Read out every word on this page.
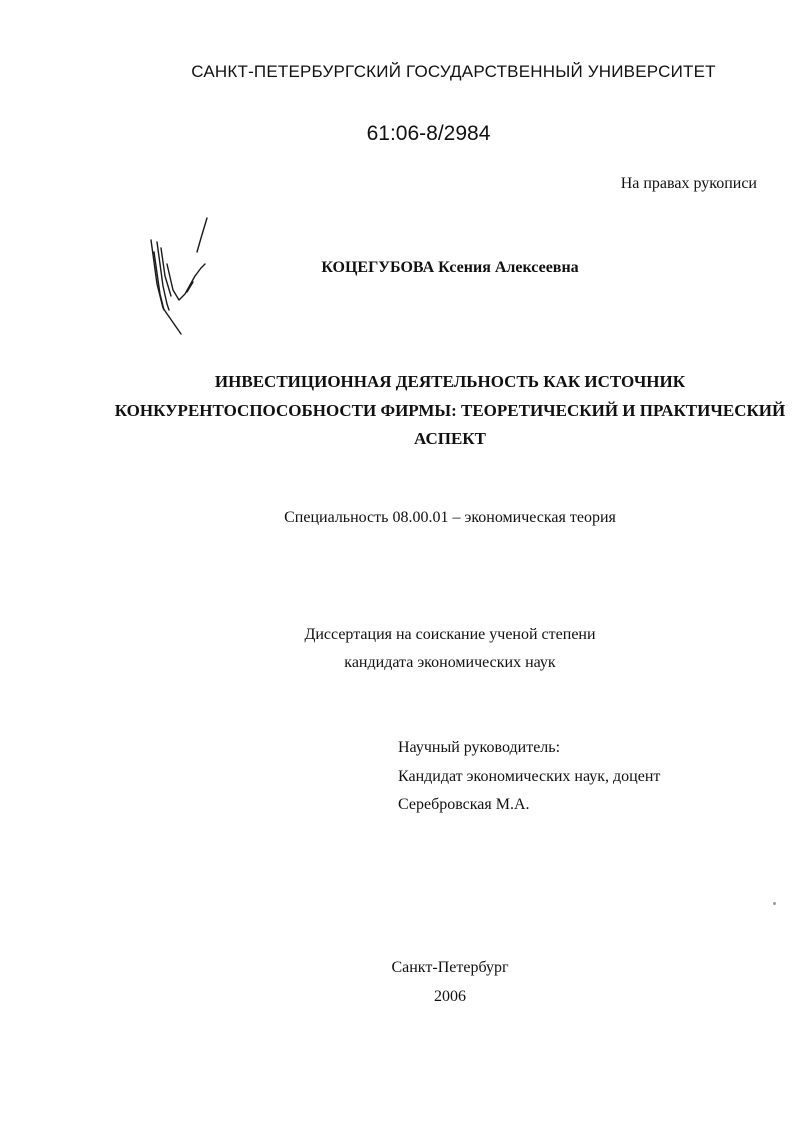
САНКТ-ПЕТЕРБУРГСКИЙ ГОСУДАРСТВЕННЫЙ УНИВЕРСИТЕТ
61:06-8/2984
На правах рукописи
КОЦЕГУБОВА Ксения Алексеевна
ИНВЕСТИЦИОННАЯ ДЕЯТЕЛЬНОСТЬ КАК ИСТОЧНИК
КОНКУРЕНТОСПОСОБНОСТИ ФИРМЫ: ТЕОРЕТИЧЕСКИЙ И ПРАКТИЧЕСКИЙ
АСПЕКТ
Специальность 08.00.01 – экономическая теория
Диссертация на соискание ученой степени
кандидата экономических наук
Научный руководитель:
Кандидат экономических наук, доцент
Серебровская М.А.
Санкт-Петербург
2006
